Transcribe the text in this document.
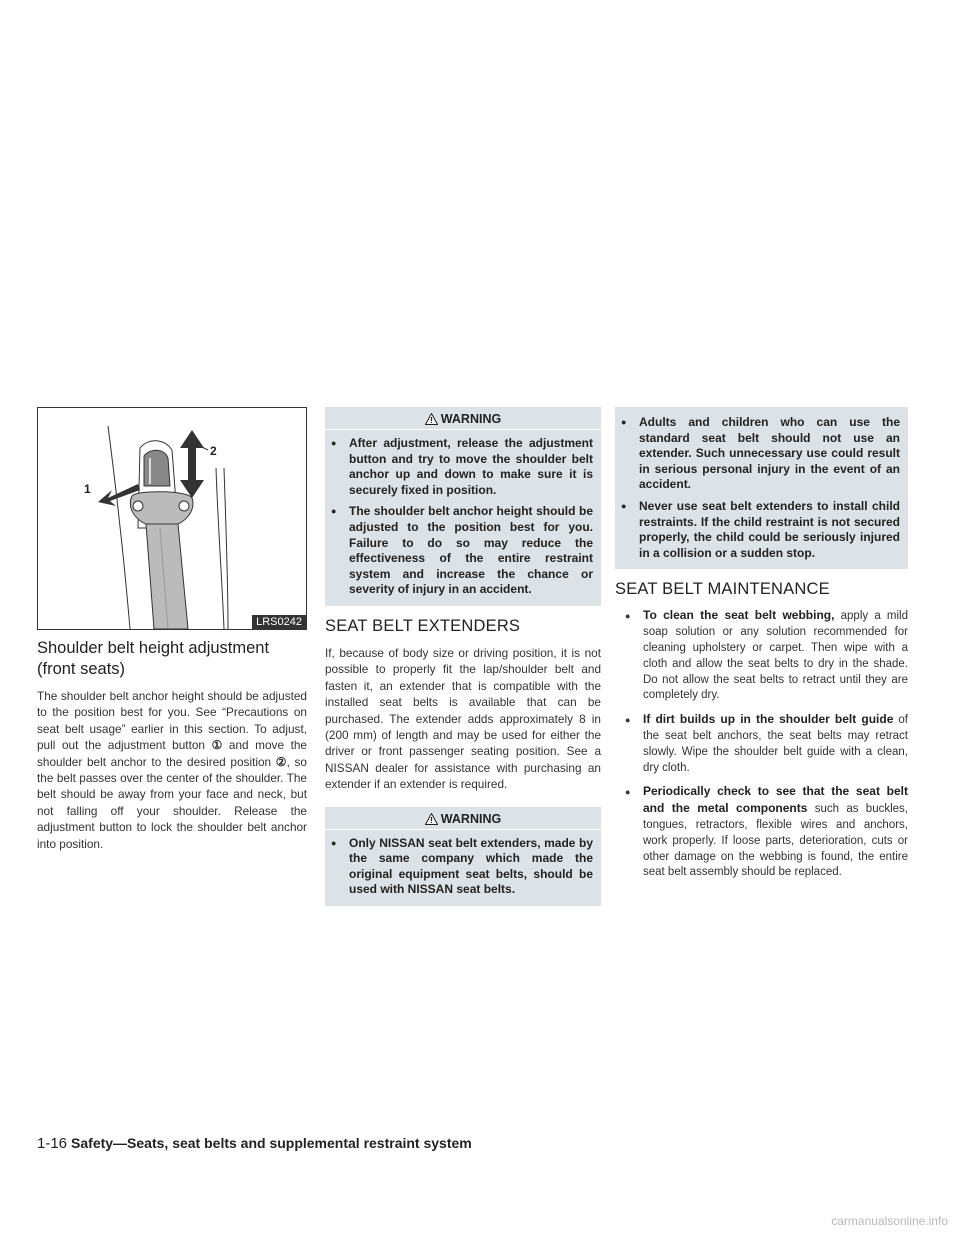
1
2
LRS0242
Shoulder belt height adjustment (front seats)

The shoulder belt anchor height should be adjusted to the position best for you. See “Precautions on seat belt usage” earlier in this section. To adjust, pull out the adjustment button ① and move the shoulder belt anchor to the desired position ②, so the belt passes over the center of the shoulder. The belt should be away from your face and neck, but not falling off your shoulder. Release the adjustment button to lock the shoulder belt anchor into position.

WARNING
● After adjustment, release the adjustment button and try to move the shoulder belt anchor up and down to make sure it is securely fixed in position.
● The shoulder belt anchor height should be adjusted to the position best for you. Failure to do so may reduce the effectiveness of the entire restraint system and increase the chance or severity of injury in an accident.
SEAT BELT EXTENDERS

If, because of body size or driving position, it is not possible to properly fit the lap/shoulder belt and fasten it, an extender that is compatible with the installed seat belts is available that can be purchased. The extender adds approximately 8 in (200 mm) of length and may be used for either the driver or front passenger seating position. See a NISSAN dealer for assistance with purchasing an extender if an extender is required.

WARNING
● Only NISSAN seat belt extenders, made by the same company which made the original equipment seat belts, should be used with NISSAN seat belts.
● Adults and children who can use the standard seat belt should not use an extender. Such unnecessary use could result in serious personal injury in the event of an accident.
● Never use seat belt extenders to install child restraints. If the child restraint is not secured properly, the child could be seriously injured in a collision or a sudden stop.
SEAT BELT MAINTENANCE
● To clean the seat belt webbing, apply a mild soap solution or any solution recommended for cleaning upholstery or carpet. Then wipe with a cloth and allow the seat belts to dry in the shade. Do not allow the seat belts to retract until they are completely dry.
● If dirt builds up in the shoulder belt guide of the seat belt anchors, the seat belts may retract slowly. Wipe the shoulder belt guide with a clean, dry cloth.
● Periodically check to see that the seat belt and the metal components such as buckles, tongues, retractors, flexible wires and anchors, work properly. If loose parts, deterioration, cuts or other damage on the webbing is found, the entire seat belt assembly should be replaced.
1-16 Safety—Seats, seat belts and supplemental restraint system
carmanualsonline.info
